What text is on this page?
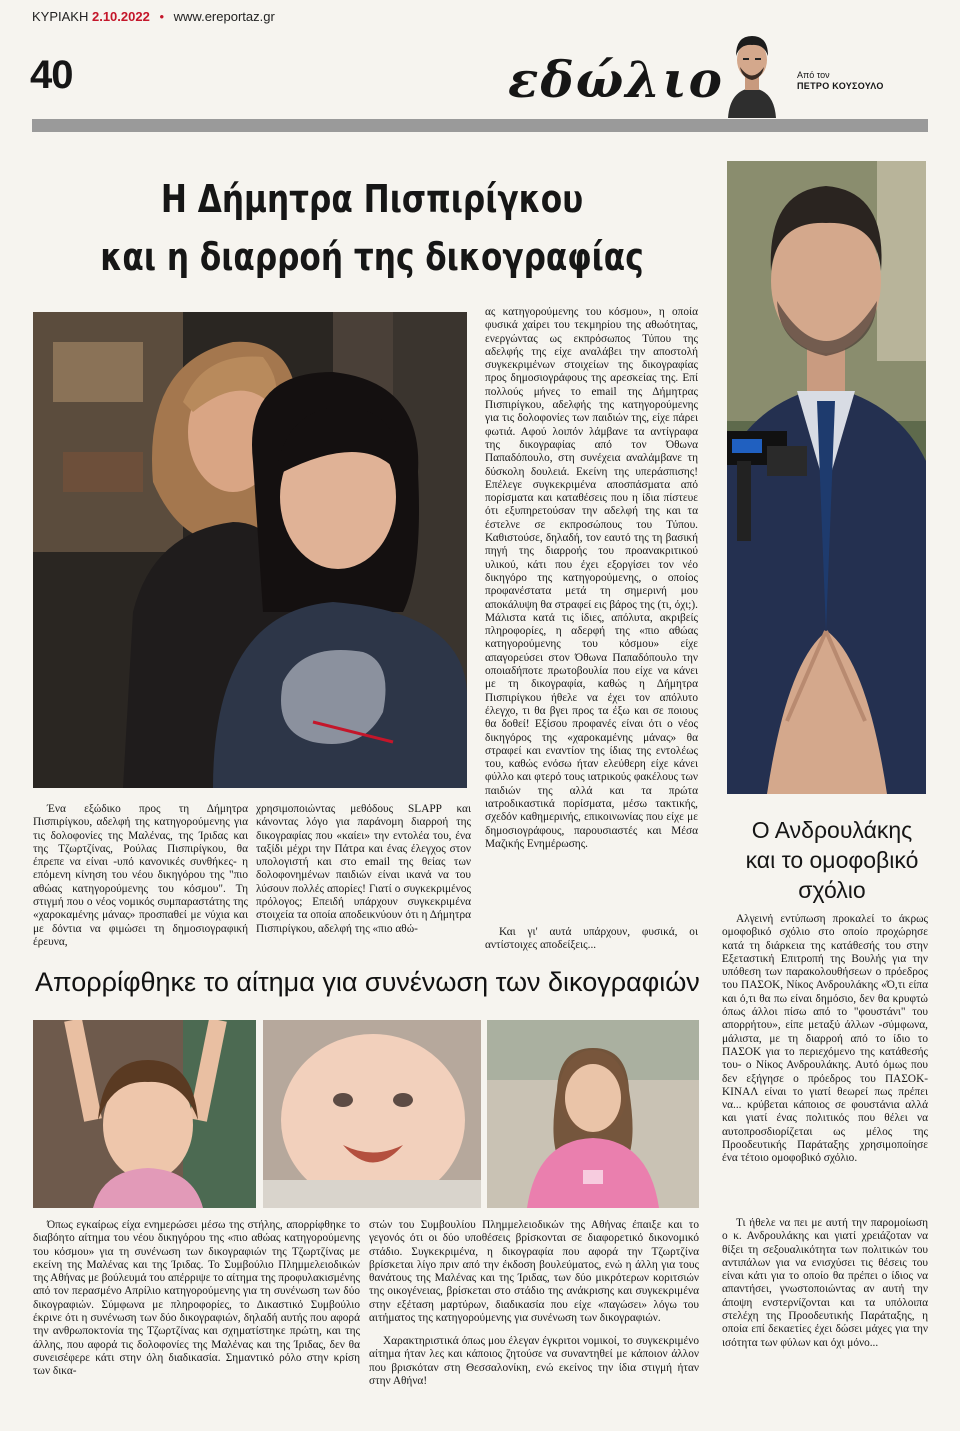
ΚΥΡΙΑΚΗ 2.10.2022 • www.ereportaz.gr
40	εδώλιο	Από τον
ΠΕΤΡΟ ΚΟΥΣΟΥΛΟ
Η Δήμητρα Πισπιρίγκου
και η διαρροή της δικογραφίας
Ένα εξώδικο προς τη Δήμητρα Πισπιρίγκου, αδελφή της κατηγορούμενης για τις δολοφονίες της Μαλένας, της Ίριδας και της Τζωρτζίνας, Ρούλας Πισπιρίγκου, θα έπρεπε να είναι -υπό κανονικές συνθήκες- η επόμενη κίνηση του νέου δικηγόρου της "πιο αθώας κατηγορούμενης του κόσμου". Τη στιγμή που ο νέος νομικός συμπαραστάτης της «χαροκαμένης μάνας» προσπαθεί με νύχια και με δόντια να φιμώσει τη δημοσιογραφική έρευνα,
χρησιμοποιώντας μεθόδους SLAPP και κάνοντας λόγο για παράνομη διαρροή της δικογραφίας που «καίει» την εντολέα του, ένα ταξίδι μέχρι την Πάτρα και ένας έλεγχος στον υπολογιστή και στο email της θείας των δολοφονημένων παιδιών είναι ικανά να του λύσουν πολλές απορίες! Γιατί ο συγκεκριμένος πρόλογος; Επειδή υπάρχουν συγκεκριμένα στοιχεία τα οποία αποδεικνύουν ότι η Δήμητρα Πισπιρίγκου, αδελφή της «πιο αθώ-
ας κατηγορούμενης του κόσμου», η οποία φυσικά χαίρει του τεκμηρίου της αθωότητας, ενεργώντας ως εκπρόσωπος Τύπου της αδελφής της είχε αναλάβει την αποστολή συγκεκριμένων στοιχείων της δικογραφίας προς δημοσιογράφους της αρεσκείας της. Επί πολλούς μήνες το email της Δήμητρας Πισπιρίγκου, αδελφής της κατηγορούμενης για τις δολοφονίες των παιδιών της, είχε πάρει φωτιά. Αφού λοιπόν λάμβανε τα αντίγραφα της δικογραφίας από τον Όθωνα Παπαδόπουλο, στη συνέχεια αναλάμβανε τη δύσκολη δουλειά. Εκείνη της υπεράσπισης! Επέλεγε συγκεκριμένα αποσπάσματα από πορίσματα και καταθέσεις που η ίδια πίστευε ότι εξυπηρετούσαν την αδελφή της και τα έστελνε σε εκπροσώπους του Τύπου. Καθιστούσε, δηλαδή, τον εαυτό της τη βασική πηγή της διαρροής του προανακριτικού υλικού, κάτι που έχει εξοργίσει τον νέο δικηγόρο της κατηγορούμενης, ο οποίος προφανέστατα μετά τη σημερινή μου αποκάλυψη θα στραφεί εις βάρος της (τι, όχι;). Μάλιστα κατά τις ίδιες, απόλυτα, ακριβείς πληροφορίες, η αδερφή της «πιο αθώας κατηγορούμενης του κόσμου» είχε απαγορεύσει στον Όθωνα Παπαδόπουλο την οποιαδήποτε πρωτοβουλία που είχε να κάνει με τη δικογραφία, καθώς η Δήμητρα Πισπιρίγκου ήθελε να έχει τον απόλυτο έλεγχο, τι θα βγει προς τα έξω και σε ποιους θα δοθεί! Εξίσου προφανές είναι ότι ο νέος δικηγόρος της «χαροκαμένης μάνας» θα στραφεί και εναντίον της ίδιας της εντολέως του, καθώς ενόσω ήταν ελεύθερη είχε κάνει φύλλο και φτερό τους ιατρικούς φακέλους των παιδιών της αλλά και τα πρώτα ιατροδικαστικά πορίσματα, μέσω τακτικής, σχεδόν καθημερινής, επικοινωνίας που είχε με δημοσιογράφους, παρουσιαστές και Μέσα Μαζικής Ενημέρωσης.
Και γι' αυτά υπάρχουν, φυσικά, οι αντίστοιχες αποδείξεις...
Απορρίφθηκε το αίτημα για συνένωση των δικογραφιών
Όπως εγκαίρως είχα ενημερώσει μέσω της στήλης, απορρίφθηκε το διαβόητο αίτημα του νέου δικηγόρου της «πιο αθώας κατηγορούμενης του κόσμου» για τη συνένωση των δικογραφιών της Τζωρτζίνας με εκείνη της Μαλένας και της Ίριδας. Το Συμβούλιο Πλημμελειοδικών της Αθήνας με βούλευμά του απέρριψε το αίτημα της προφυλακισμένης από τον περασμένο Απρίλιο κατηγορούμενης για τη συνένωση των δύο δικογραφιών. Σύμφωνα με πληροφορίες, το Δικαστικό Συμβούλιο έκρινε ότι η συνένωση των δύο δικογραφιών, δηλαδή αυτής που αφορά την ανθρωποκτονία της Τζωρτζίνας και σχηματίστηκε πρώτη, και της άλλης, που αφορά τις δολοφονίες της Μαλένας και της Ίριδας, δεν θα συνεισέφερε κάτι στην όλη διαδικασία. Σημαντικό ρόλο στην κρίση των δικα-
στών του Συμβουλίου Πλημμελειοδικών της Αθήνας έπαιξε και το γεγονός ότι οι δύο υποθέσεις βρίσκονται σε διαφορετικό δικονομικό στάδιο. Συγκεκριμένα, η δικογραφία που αφορά την Τζωρτζίνα βρίσκεται λίγο πριν από την έκδοση βουλεύματος, ενώ η άλλη για τους θανάτους της Μαλένας και της Ίριδας, των δύο μικρότερων κοριτσιών της οικογένειας, βρίσκεται στο στάδιο της ανάκρισης και συγκεκριμένα στην εξέταση μαρτύρων, διαδικασία που είχε «παγώσει» λόγω του αιτήματος της κατηγορούμενης για συνένωση των δικογραφιών.
Χαρακτηριστικά όπως μου έλεγαν έγκριτοι νομικοί, το συγκεκριμένο αίτημα ήταν λες και κάποιος ζητούσε να συναντηθεί με κάποιον άλλον που βρισκόταν στη Θεσσαλονίκη, ενώ εκείνος την ίδια στιγμή ήταν στην Αθήνα!
Ο Ανδρουλάκης
και το ομοφοβικό
σχόλιο
Αλγεινή εντύπωση προκαλεί το άκρως ομοφοβικό σχόλιο στο οποίο προχώρησε κατά τη διάρκεια της κατάθεσής του στην Εξεταστική Επιτροπή της Βουλής για την υπόθεση των παρακολουθήσεων ο πρόεδρος του ΠΑΣΟΚ, Νίκος Ανδρουλάκης «Ό,τι είπα και ό,τι θα πω είναι δημόσιο, δεν θα κρυφτώ όπως άλλοι πίσω από το "φουστάνι" του απορρήτου», είπε μεταξύ άλλων -σύμφωνα, μάλιστα, με τη διαρροή από το ίδιο το ΠΑΣΟΚ για το περιεχόμενο της κατάθεσής του- ο Νίκος Ανδρουλάκης. Αυτό όμως που δεν εξήγησε ο πρόεδρος του ΠΑΣΟΚ-ΚΙΝΑΛ είναι το γιατί θεωρεί πως πρέπει να... κρύβεται κάποιος σε φουστάνια αλλά και γιατί ένας πολιτικός που θέλει να αυτοπροσδιορίζεται ως μέλος της Προοδευτικής Παράταξης χρησιμοποίησε ένα τέτοιο ομοφοβικό σχόλιο.
Τι ήθελε να πει με αυτή την παρομοίωση ο κ. Ανδρουλάκης και γιατί χρειάζοταν να θίξει τη σεξουαλικότητα των πολιτικών του αντιπάλων για να ενισχύσει τις θέσεις του είναι κάτι για το οποίο θα πρέπει ο ίδιος να απαντήσει, γνωστοποιώντας αν αυτή την άποψη ενστερνίζονται και τα υπόλοιπα στελέχη της Προοδευτικής Παράταξης, η οποία επί δεκαετίες έχει δώσει μάχες για την ισότητα των φύλων και όχι μόνο...
